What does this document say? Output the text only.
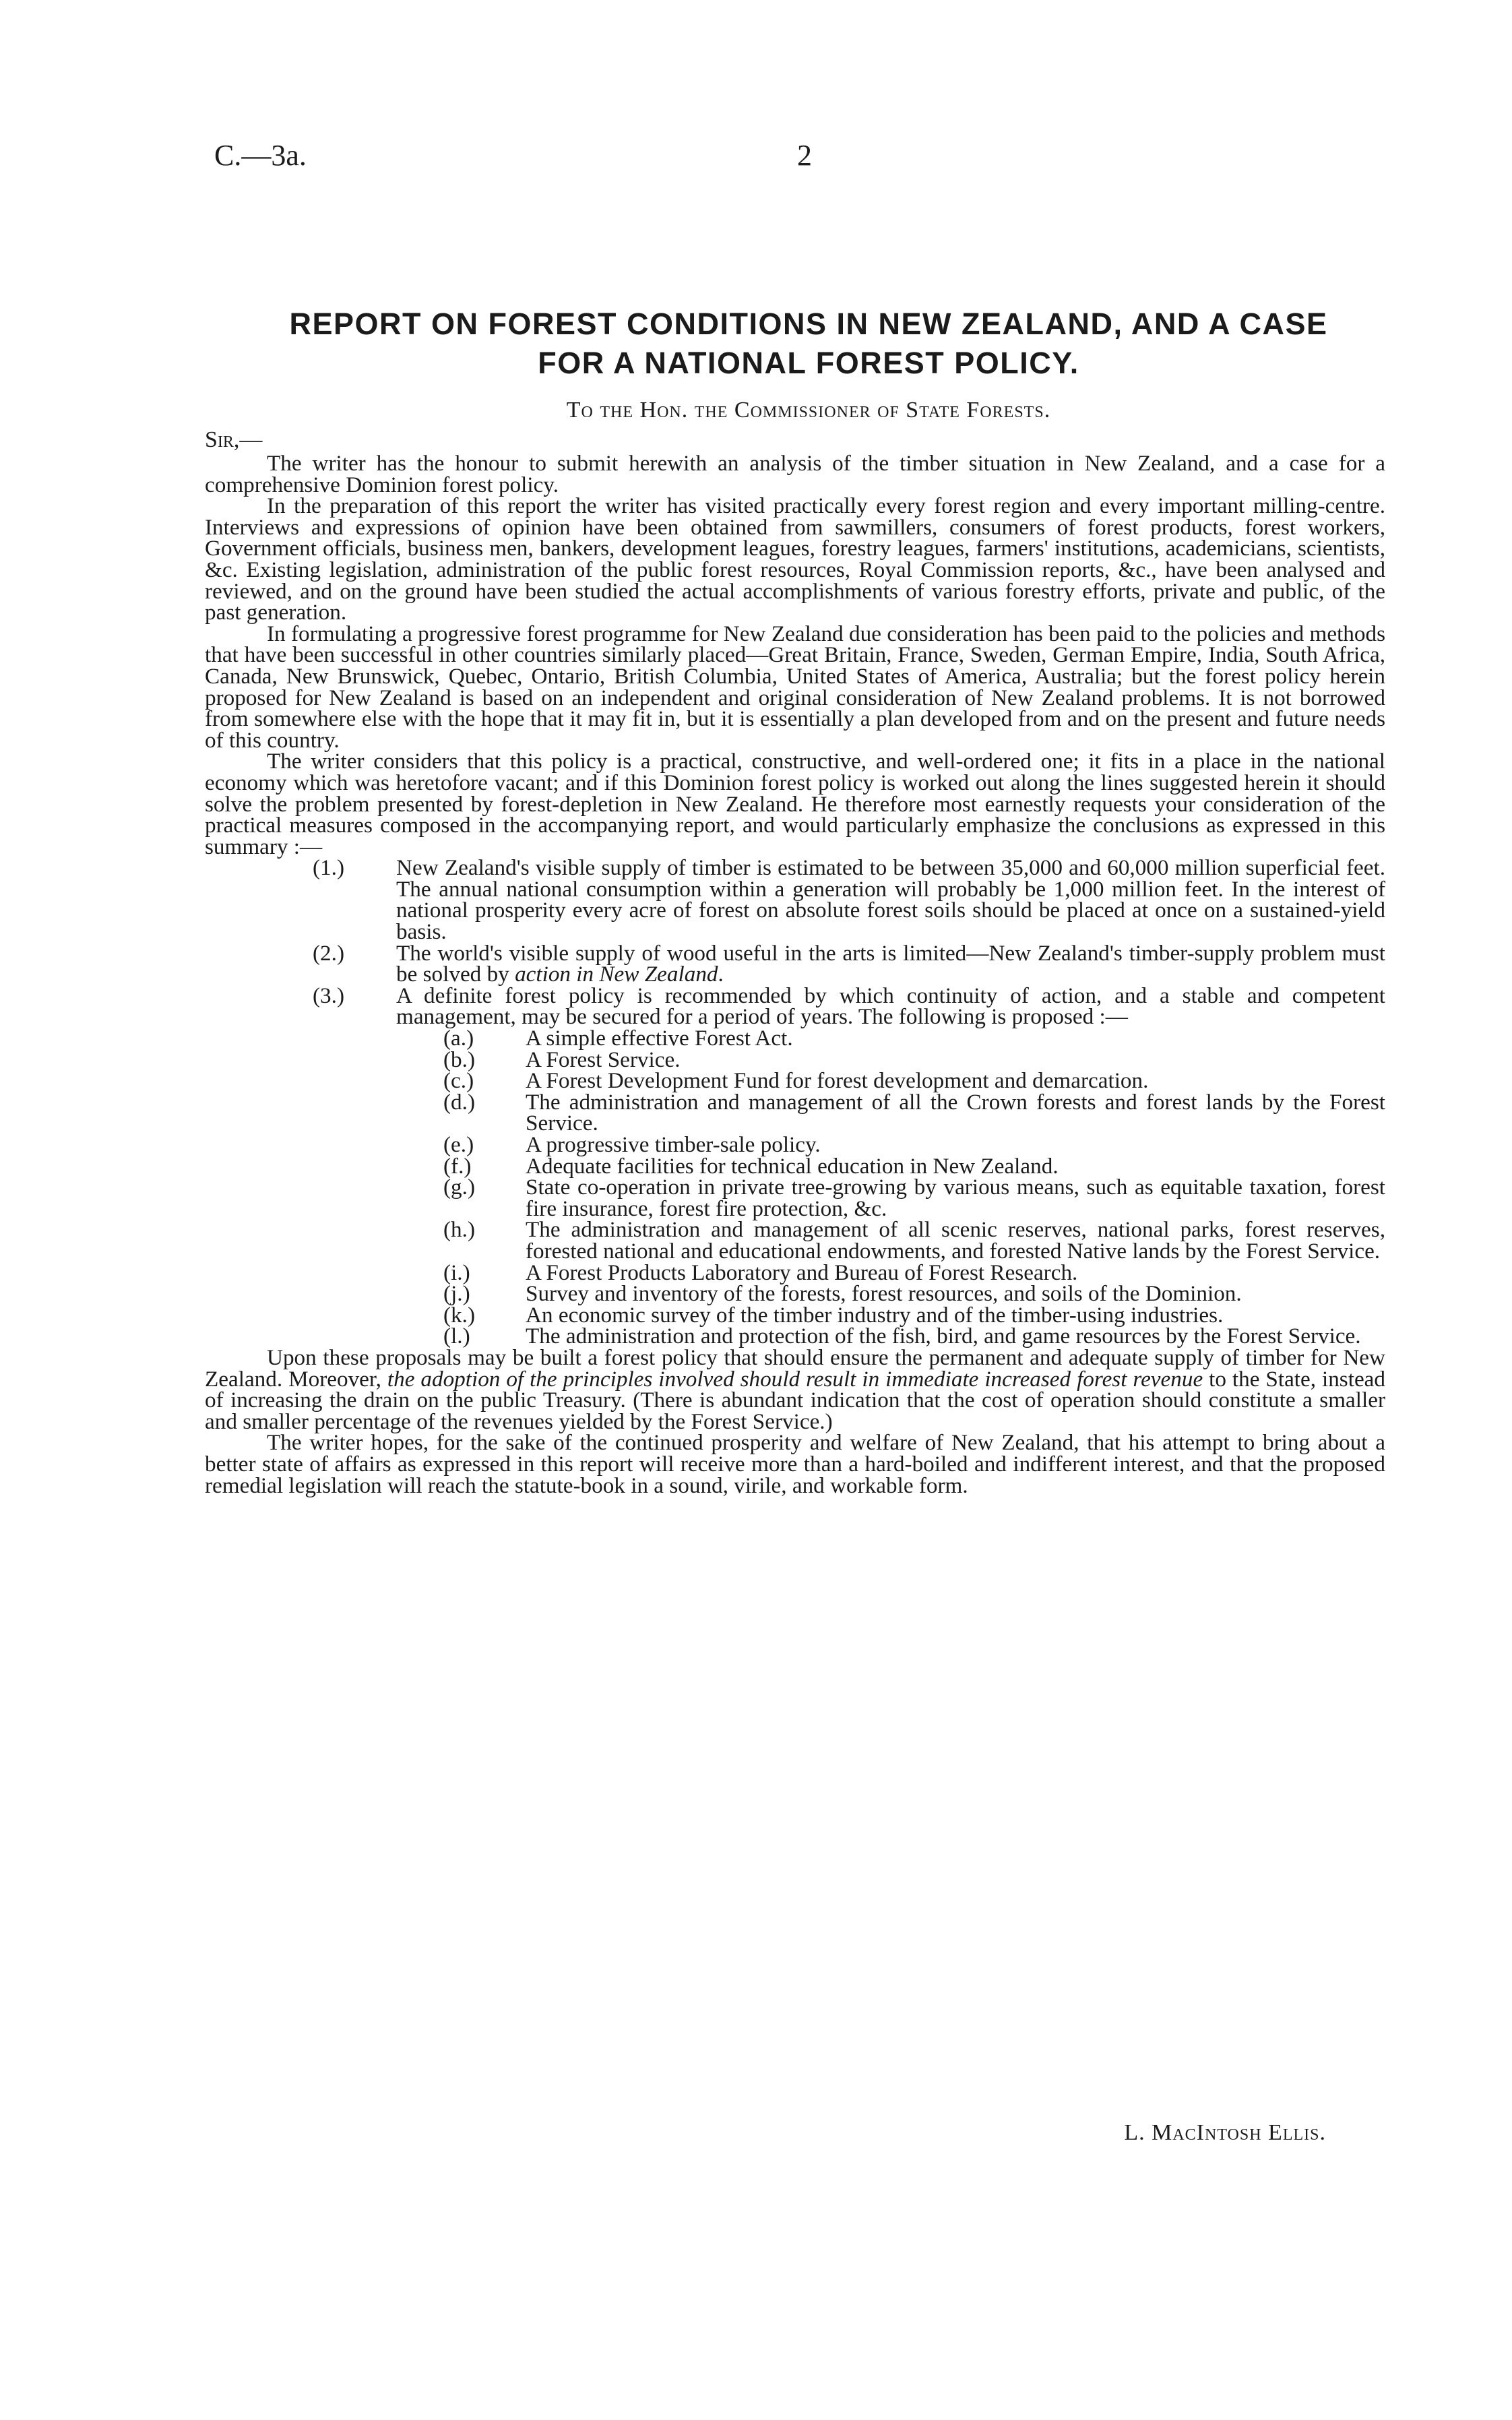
C.—3a.	2
REPORT ON FOREST CONDITIONS IN NEW ZEALAND, AND A CASE
FOR A NATIONAL FOREST POLICY.
To the Hon. the Commissioner of State Forests.
Sir,—

The writer has the honour to submit herewith an analysis of the timber situation in New Zealand, and a case for a comprehensive Dominion forest policy.

In the preparation of this report the writer has visited practically every forest region and every important milling-centre. Interviews and expressions of opinion have been obtained from sawmillers, consumers of forest products, forest workers, Government officials, business men, bankers, development leagues, forestry leagues, farmers' institutions, academicians, scientists, &c. Existing legislation, administration of the public forest resources, Royal Commission reports, &c., have been analysed and reviewed, and on the ground have been studied the actual accomplishments of various forestry efforts, private and public, of the past generation.

In formulating a progressive forest programme for New Zealand due consideration has been paid to the policies and methods that have been successful in other countries similarly placed—Great Britain, France, Sweden, German Empire, India, South Africa, Canada, New Brunswick, Quebec, Ontario, British Columbia, United States of America, Australia; but the forest policy herein proposed for New Zealand is based on an independent and original consideration of New Zealand problems. It is not borrowed from somewhere else with the hope that it may fit in, but it is essentially a plan developed from and on the present and future needs of this country.

The writer considers that this policy is a practical, constructive, and well-ordered one; it fits in a place in the national economy which was heretofore vacant; and if this Dominion forest policy is worked out along the lines suggested herein it should solve the problem presented by forest-depletion in New Zealand. He therefore most earnestly requests your consideration of the practical measures composed in the accompanying report, and would particularly emphasize the conclusions as expressed in this summary :—

(1.) New Zealand's visible supply of timber is estimated to be between 35,000 and 60,000 million superficial feet. The annual national consumption within a generation will probably be 1,000 million feet. In the interest of national prosperity every acre of forest on absolute forest soils should be placed at once on a sustained-yield basis.
(2.) The world's visible supply of wood useful in the arts is limited—New Zealand's timber-supply problem must be solved by action in New Zealand.
(3.) A definite forest policy is recommended by which continuity of action, and a stable and competent management, may be secured for a period of years. The following is proposed :—
(a.) A simple effective Forest Act.
(b.) A Forest Service.
(c.) A Forest Development Fund for forest development and demarcation.
(d.) The administration and management of all the Crown forests and forest lands by the Forest Service.
(e.) A progressive timber-sale policy.
(f.) Adequate facilities for technical education in New Zealand.
(g.) State co-operation in private tree-growing by various means, such as equitable taxation, forest fire insurance, forest fire protection, &c.
(h.) The administration and management of all scenic reserves, national parks, forest reserves, forested national and educational endowments, and forested Native lands by the Forest Service.
(i.) A Forest Products Laboratory and Bureau of Forest Research.
(j.) Survey and inventory of the forests, forest resources, and soils of the Dominion.
(k.) An economic survey of the timber industry and of the timber-using industries.
(l.) The administration and protection of the fish, bird, and game resources by the Forest Service.

Upon these proposals may be built a forest policy that should ensure the permanent and adequate supply of timber for New Zealand. Moreover, the adoption of the principles involved should result in immediate increased forest revenue to the State, instead of increasing the drain on the public Treasury. (There is abundant indication that the cost of operation should constitute a smaller and smaller percentage of the revenues yielded by the Forest Service.)

The writer hopes, for the sake of the continued prosperity and welfare of New Zealand, that his attempt to bring about a better state of affairs as expressed in this report will receive more than a hard-boiled and indifferent interest, and that the proposed remedial legislation will reach the statute-book in a sound, virile, and workable form.

L. MacIntosh Ellis.
